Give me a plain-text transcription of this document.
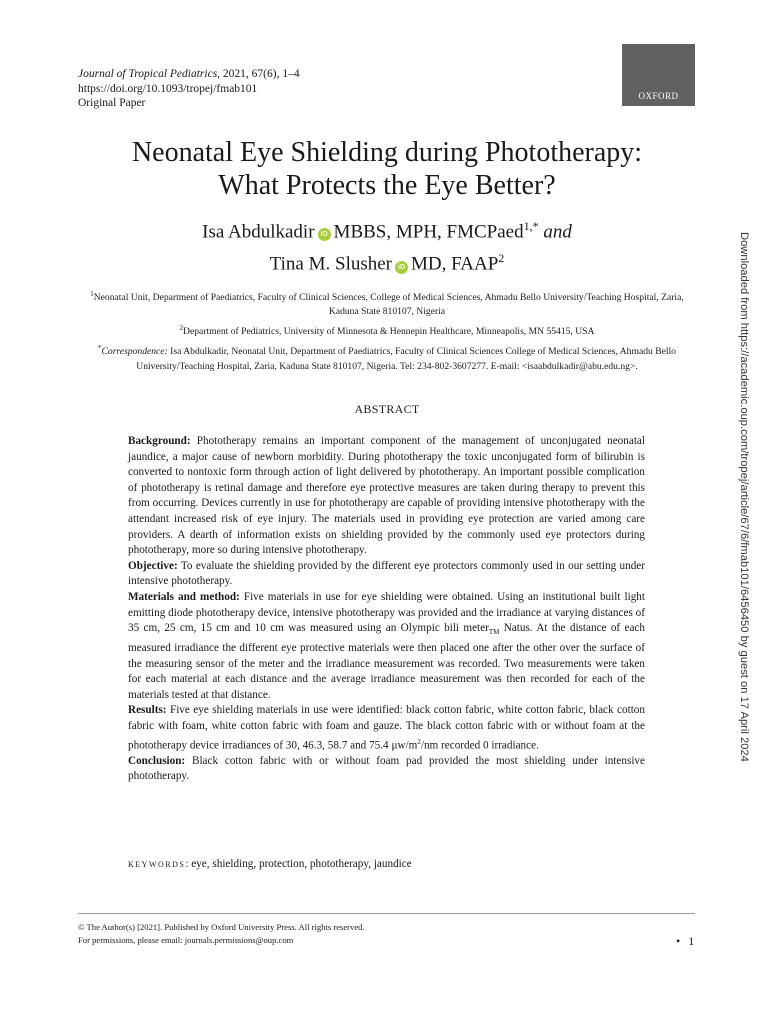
Journal of Tropical Pediatrics, 2021, 67(6), 1–4
https://doi.org/10.1093/tropej/fmab101
Original Paper
OXFORD
Neonatal Eye Shielding during Phototherapy:
What Protects the Eye Better?
Isa Abdulkadir iD MBBS, MPH, FMCPaed$^{1,*}$ and
Tina M. Slusher iD MD, FAAP$^2$

$^1$Neonatal Unit, Department of Paediatrics, Faculty of Clinical Sciences, College of Medical Sciences, Ahmadu Bello University/Teaching Hospital, Zaria, Kaduna State 810107, Nigeria

$^2$Department of Pediatrics, University of Minnesota & Hennepin Healthcare, Minneapolis, MN 55415, USA

*Correspondence: Isa Abdulkadir, Neonatal Unit, Department of Paediatrics, Faculty of Clinical Sciences College of Medical Sciences, Ahmadu Bello University/Teaching Hospital, Zaria, Kaduna State 810107, Nigeria. Tel: 234-802-3607277. E-mail: <isaabdulkadir@abu.edu.ng>.

ABSTRACT

Background: Phototherapy remains an important component of the management of unconjugated neonatal jaundice, a major cause of newborn morbidity. During phototherapy the toxic unconjugated form of bilirubin is converted to nontoxic form through action of light delivered by phototherapy. An important possible complication of phototherapy is retinal damage and therefore eye protective measures are taken during therapy to prevent this from occurring. Devices currently in use for phototherapy are capable of providing intensive phototherapy with the attendant increased risk of eye injury. The materials used in providing eye protection are varied among care providers. A dearth of information exists on shielding provided by the commonly used eye protectors during phototherapy, more so during intensive phototherapy.

Objective: To evaluate the shielding provided by the different eye protectors commonly used in our setting under intensive phototherapy.

Materials and method: Five materials in use for eye shielding were obtained. Using an institutional built light emitting diode phototherapy device, intensive phototherapy was provided and the irradiance at varying distances of 35 cm, 25 cm, 15 cm and 10 cm was measured using an Olympic bili meter$_{TM}$ Natus. At the distance of each measured irradiance the different eye protective materials were then placed one after the other over the surface of the measuring sensor of the meter and the irradiance measurement was recorded. Two measurements were taken for each material at each distance and the average irradiance measurement was then recorded for each of the materials tested at that distance.

Results: Five eye shielding materials in use were identified: black cotton fabric, white cotton fabric, black cotton fabric with foam, white cotton fabric with foam and gauze. The black cotton fabric with or without foam at the phototherapy device irradiances of 30, 46.3, 58.7 and 75.4 $\mu w/m^2/nm$ recorded 0 irradiance.

Conclusion: Black cotton fabric with or without foam pad provided the most shielding under intensive phototherapy.

keywords: eye, shielding, protection, phototherapy, jaundice
© The Author(s) [2021]. Published by Oxford University Press. All rights reserved.
For permissions, please email: journals.permissions@oup.com	• 1
Downloaded from https://academic.oup.com/tropej/article/67/6/fmab101/6456450 by guest on 17 April 2024
